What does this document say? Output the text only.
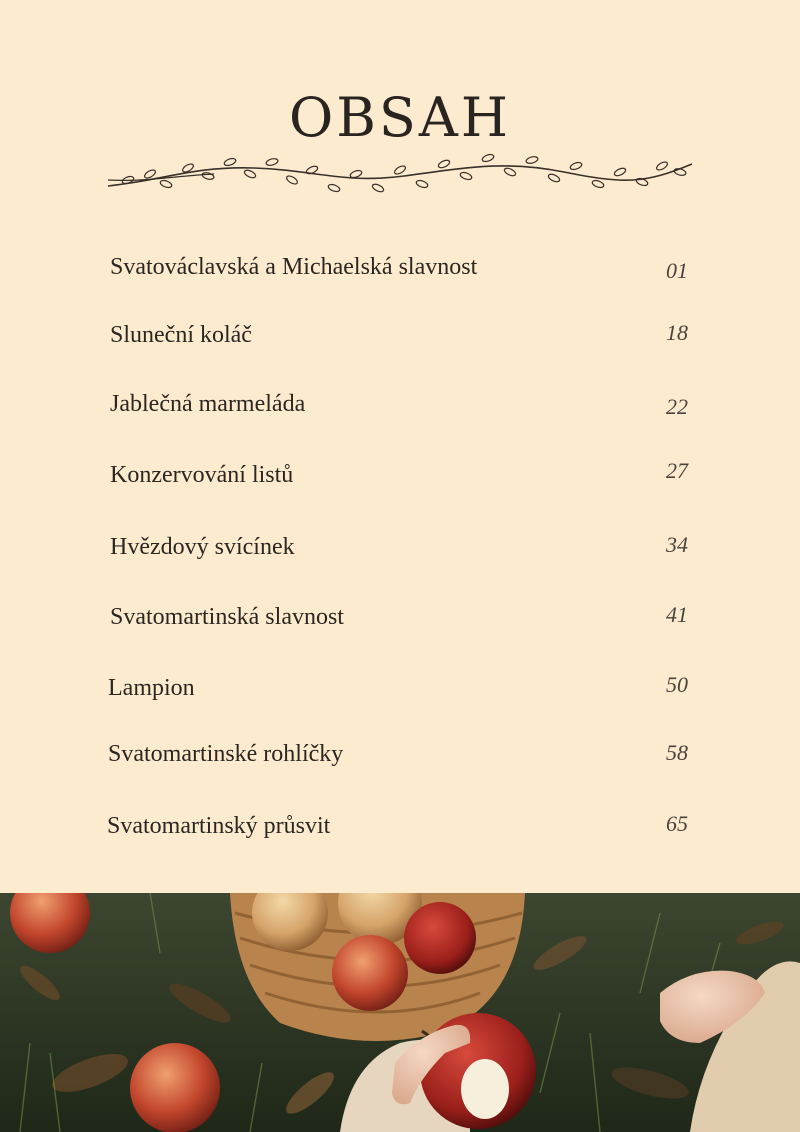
OBSAH
Svatováclavská a Michaelská slavnost	01
Sluneční koláč	18
Jablečná marmeláda	22
Konzervování listů	27
Hvězdový svícínek	34
Svatomartinská slavnost	41
Lampion	50
Svatomartinské rohlíčky	58
Svatomartinský průsvit	65
